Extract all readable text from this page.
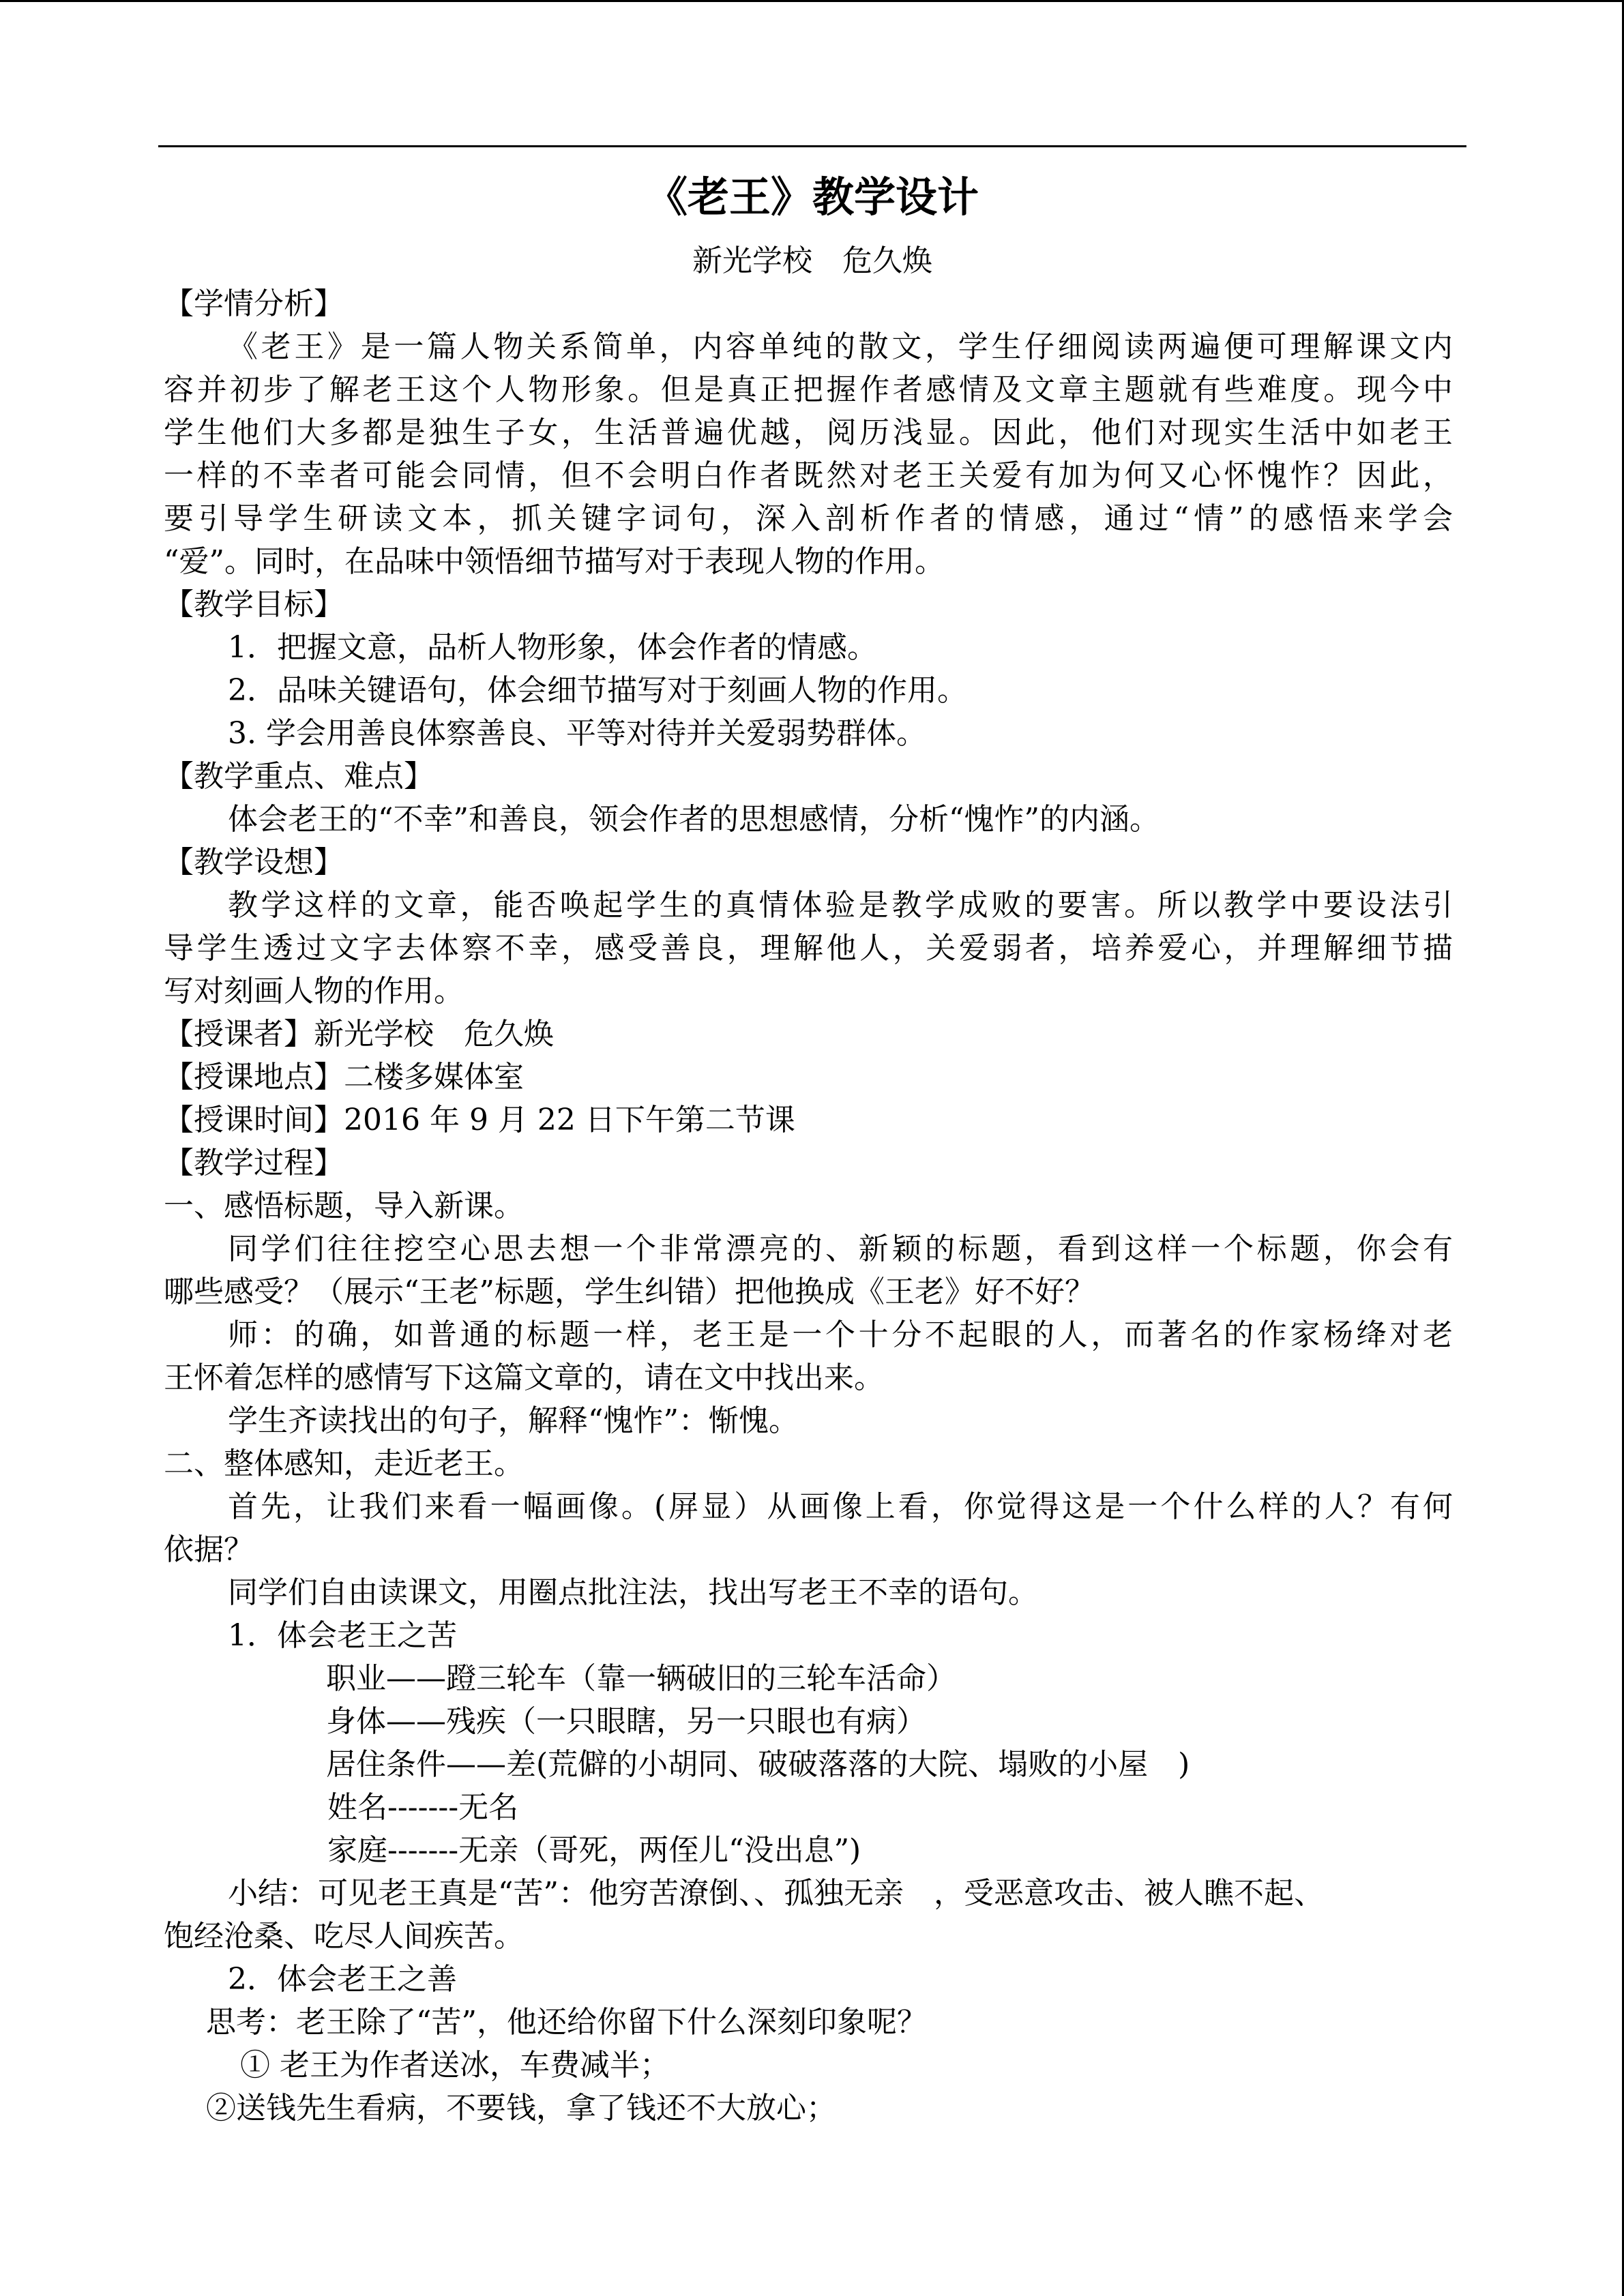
《老王》教学设计
新光学校　危久焕

【学情分析】

《老王》是一篇人物关系简单，内容单纯的散文，学生仔细阅读两遍便可理解课文内

容并初步了解老王这个人物形象。但是真正把握作者感情及文章主题就有些难度。现今中

学生他们大多都是独生子女，生活普遍优越，阅历浅显。因此，他们对现实生活中如老王

一样的不幸者可能会同情，但不会明白作者既然对老王关爱有加为何又心怀愧怍？因此，

要引导学生研读文本，抓关键字词句，深入剖析作者的情感，通过“情”的感悟来学会

“爱”。同时，在品味中领悟细节描写对于表现人物的作用。

【教学目标】

1．把握文意，品析人物形象，体会作者的情感。

2．品味关键语句，体会细节描写对于刻画人物的作用。

3. 学会用善良体察善良、平等对待并关爱弱势群体。

【教学重点、难点】

体会老王的“不幸”和善良，领会作者的思想感情，分析“愧怍”的内涵。

【教学设想】

教学这样的文章，能否唤起学生的真情体验是教学成败的要害。所以教学中要设法引

导学生透过文字去体察不幸，感受善良，理解他人，关爱弱者，培养爱心，并理解细节描

写对刻画人物的作用。

【授课者】新光学校　危久焕

【授课地点】二楼多媒体室

【授课时间】2016 年 9 月 22 日下午第二节课

【教学过程】

一、感悟标题，导入新课。

同学们往往挖空心思去想一个非常漂亮的、新颖的标题，看到这样一个标题，你会有

哪些感受？（展示“王老”标题，学生纠错）把他换成《王老》好不好？

师：的确，如普通的标题一样，老王是一个十分不起眼的人，而著名的作家杨绛对老

王怀着怎样的感情写下这篇文章的，请在文中找出来。

学生齐读找出的句子，解释“愧怍”：惭愧。

二、整体感知，走近老王。

首先，让我们来看一幅画像。(屏显）从画像上看，你觉得这是一个什么样的人？有何

依据？

同学们自由读课文，用圈点批注法，找出写老王不幸的语句。

1．体会老王之苦

职业——蹬三轮车（靠一辆破旧的三轮车活命）

身体——残疾（一只眼瞎，另一只眼也有病）

居住条件——差(荒僻的小胡同、破破落落的大院、塌败的小屋　)

姓名-------无名

家庭-------无亲（哥死，两侄儿“没出息”)

小结：可见老王真是“苦”：他穷苦潦倒、、孤独无亲　，受恶意攻击、被人瞧不起、

饱经沧桑、吃尽人间疾苦。

2．体会老王之善

思考：老王除了“苦”，他还给你留下什么深刻印象呢？

① 老王为作者送冰，车费减半；

②送钱先生看病，不要钱，拿了钱还不大放心；
